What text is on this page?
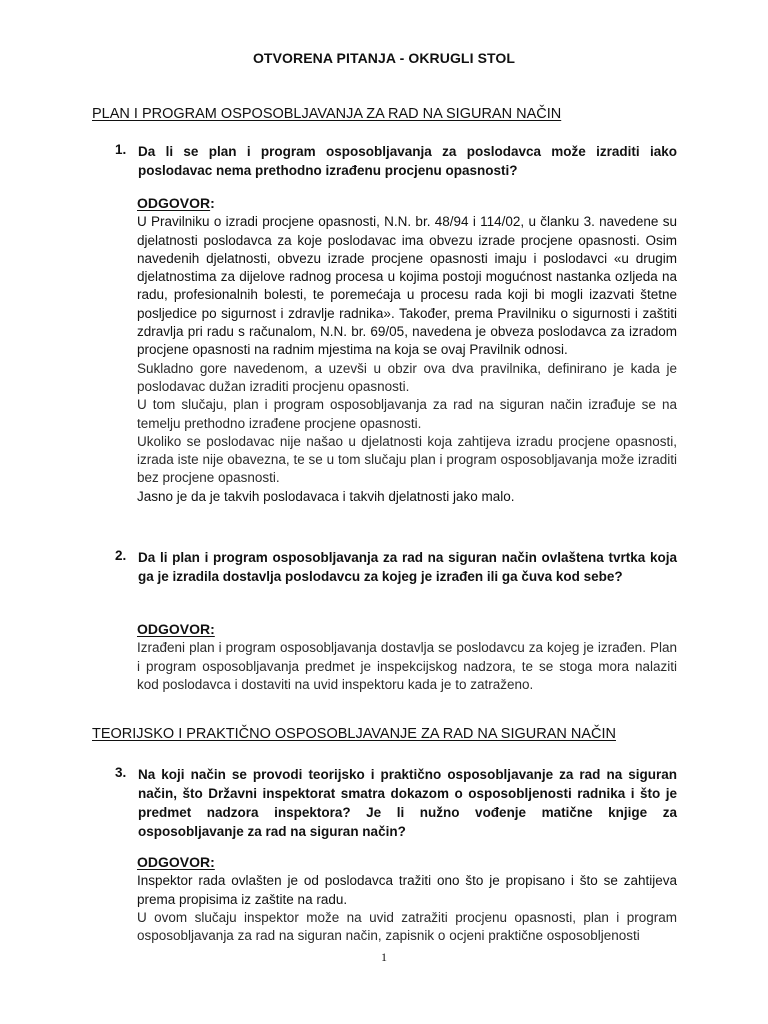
OTVORENA PITANJA - OKRUGLI STOL
PLAN I PROGRAM OSPOSOBLJAVANJA ZA RAD NA SIGURAN NAČIN
1. Da li se plan i program osposobljavanja za poslodavca može izraditi iako poslodavac nema prethodno izrađenu procjenu opasnosti?
ODGOVOR:

U Pravilniku o izradi procjene opasnosti, N.N. br. 48/94 i 114/02, u članku 3. navedene su djelatnosti poslodavca za koje poslodavac ima obvezu izrade procjene opasnosti. Osim navedenih djelatnosti, obvezu izrade procjene opasnosti imaju i poslodavci «u drugim djelatnostima za dijelove radnog procesa u kojima postoji mogućnost nastanka ozljeda na radu, profesionalnih bolesti, te poremećaja u procesu rada koji bi mogli izazvati štetne posljedice po sigurnost i zdravlje radnika». Također, prema Pravilniku o sigurnosti i zaštiti zdravlja pri radu s računalom, N.N. br. 69/05, navedena je obveza poslodavca za izradom procjene opasnosti na radnim mjestima na koja se ovaj Pravilnik odnosi.

Sukladno gore navedenom, a uzevši u obzir ova dva pravilnika, definirano je kada je poslodavac dužan izraditi procjenu opasnosti.

U tom slučaju, plan i program osposobljavanja za rad na siguran način izrađuje se na temelju prethodno izrađene procjene opasnosti.

Ukoliko se poslodavac nije našao u djelatnosti koja zahtijeva izradu procjene opasnosti, izrada iste nije obavezna, te se u tom slučaju plan i program osposobljavanja može izraditi bez procjene opasnosti.

Jasno je da je takvih poslodavaca i takvih djelatnosti jako malo.

2. Da li plan i program osposobljavanja za rad na siguran način ovlaštena tvrtka koja ga je izradila dostavlja poslodavcu za kojeg je izrađen ili ga čuva kod sebe?
ODGOVOR:

Izrađeni plan i program osposobljavanja dostavlja se poslodavcu za kojeg je izrađen. Plan i program osposobljavanja predmet je inspekcijskog nadzora, te se stoga mora nalaziti kod poslodavca i dostaviti na uvid inspektoru kada je to zatraženo.

TEORIJSKO I PRAKTIČNO OSPOSOBLJAVANJE ZA RAD NA SIGURAN NAČIN
3. Na koji način se provodi teorijsko i praktično osposobljavanje za rad na siguran način, što Državni inspektorat smatra dokazom o osposobljenosti radnika i što je predmet nadzora inspektora? Je li nužno vođenje matične knjige za osposobljavanje za rad na siguran način?
ODGOVOR:

Inspektor rada ovlašten je od poslodavca tražiti ono što je propisano i što se zahtijeva prema propisima iz zaštite na radu.

U ovom slučaju inspektor može na uvid zatražiti procjenu opasnosti, plan i program osposobljavanja za rad na siguran način, zapisnik o ocjeni praktične osposobljenosti

1
